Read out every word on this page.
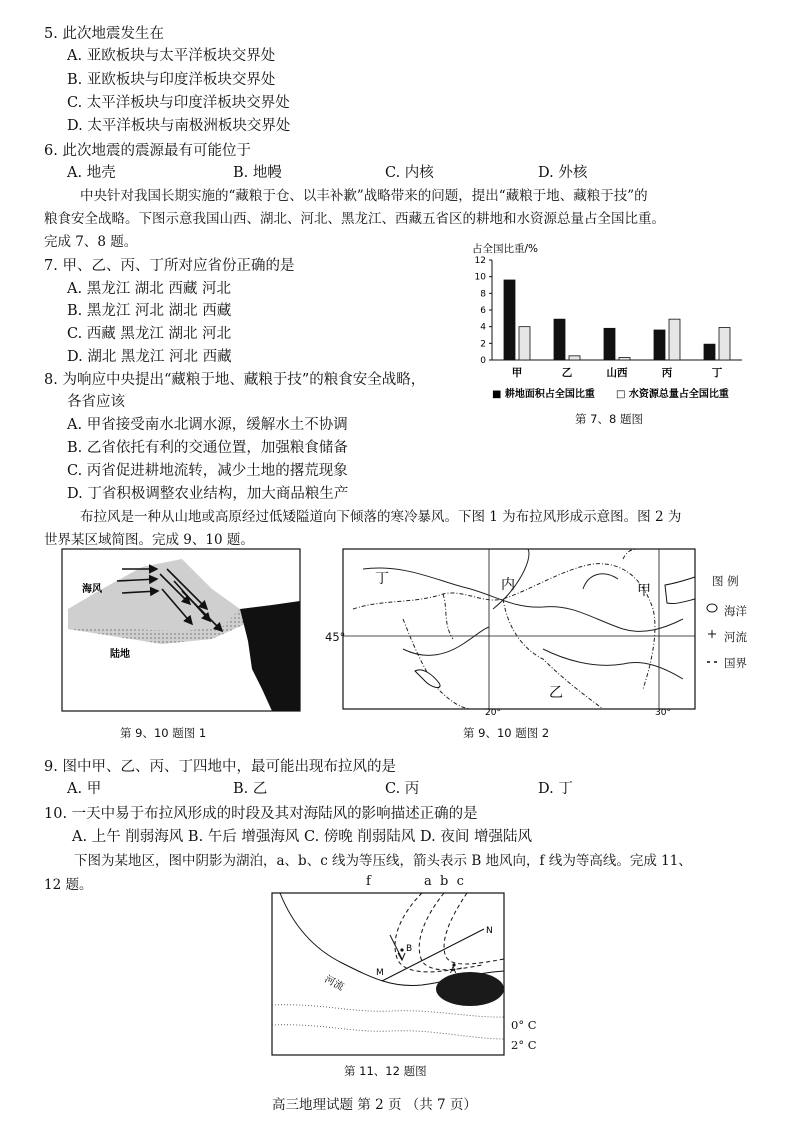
5. 此次地震发生在
A. 亚欧板块与太平洋板块交界处
B. 亚欧板块与印度洋板块交界处
C. 太平洋板块与印度洋板块交界处
D. 太平洋板块与南极洲板块交界处
6. 此次地震的震源最有可能位于
A. 地壳	B. 地幔	C. 内核	D. 外核
中央针对我国长期实施的“藏粮于仓、以丰补歉”战略带来的问题，提出“藏粮于地、藏粮于技”的
粮食安全战略。下图示意我国山西、湖北、河北、黑龙江、西藏五省区的耕地和水资源总量占全国比重。
完成 7、8 题。
7. 甲、乙、丙、丁所对应省份正确的是
A. 黑龙江 湖北 西藏 河北
B. 黑龙江 河北 湖北 西藏
C. 西藏 黑龙江 湖北 河北
D. 湖北 黑龙江 河北 西藏
8. 为响应中央提出“藏粮于地、藏粮于技”的粮食安全战略，
各省应该
A. 甲省接受南水北调水源，缓解水土不协调
B. 乙省依托有利的交通位置，加强粮食储备
C. 丙省促进耕地流转，减少土地的撂荒现象
D. 丁省积极调整农业结构，加大商品粮生产
占全国比重/%
0
2
4
6
8
10
12
甲	乙	山西	丙	丁
■ 耕地面积占全国比重 □ 水资源总量占全国比重
第 7、8 题图
布拉风是一种从山地或高原经过低矮隘道向下倾落的寒冷暴风。下图 1 为布拉风形成示意图。图 2 为
世界某区域简图。完成 9、10 题。
海风
陆地
第 9、10 题图 1
丁	内	甲
乙
20°	30°
45°
第 9、10 题图 2
图 例
海洋
河流
国界
9. 图中甲、乙、丙、丁四地中，最可能出现布拉风的是
A. 甲	B. 乙	C. 丙	D. 丁
10. 一天中易于布拉风形成的时段及其对海陆风的影响描述正确的是
A. 上午 削弱海风 B. 午后 增强海风 C. 傍晚 削弱陆风 D. 夜间 增强陆风
下图为某地区，图中阴影为湖泊，a、b、c 线为等压线，箭头表示 B 地风向，f 线为等高线。完成 11、
12 题。	f	a  b  c
N
B
M	A
河流
0° C
2° C
第 11、12 题图
高三地理试题 第 2 页 （共 7 页）
